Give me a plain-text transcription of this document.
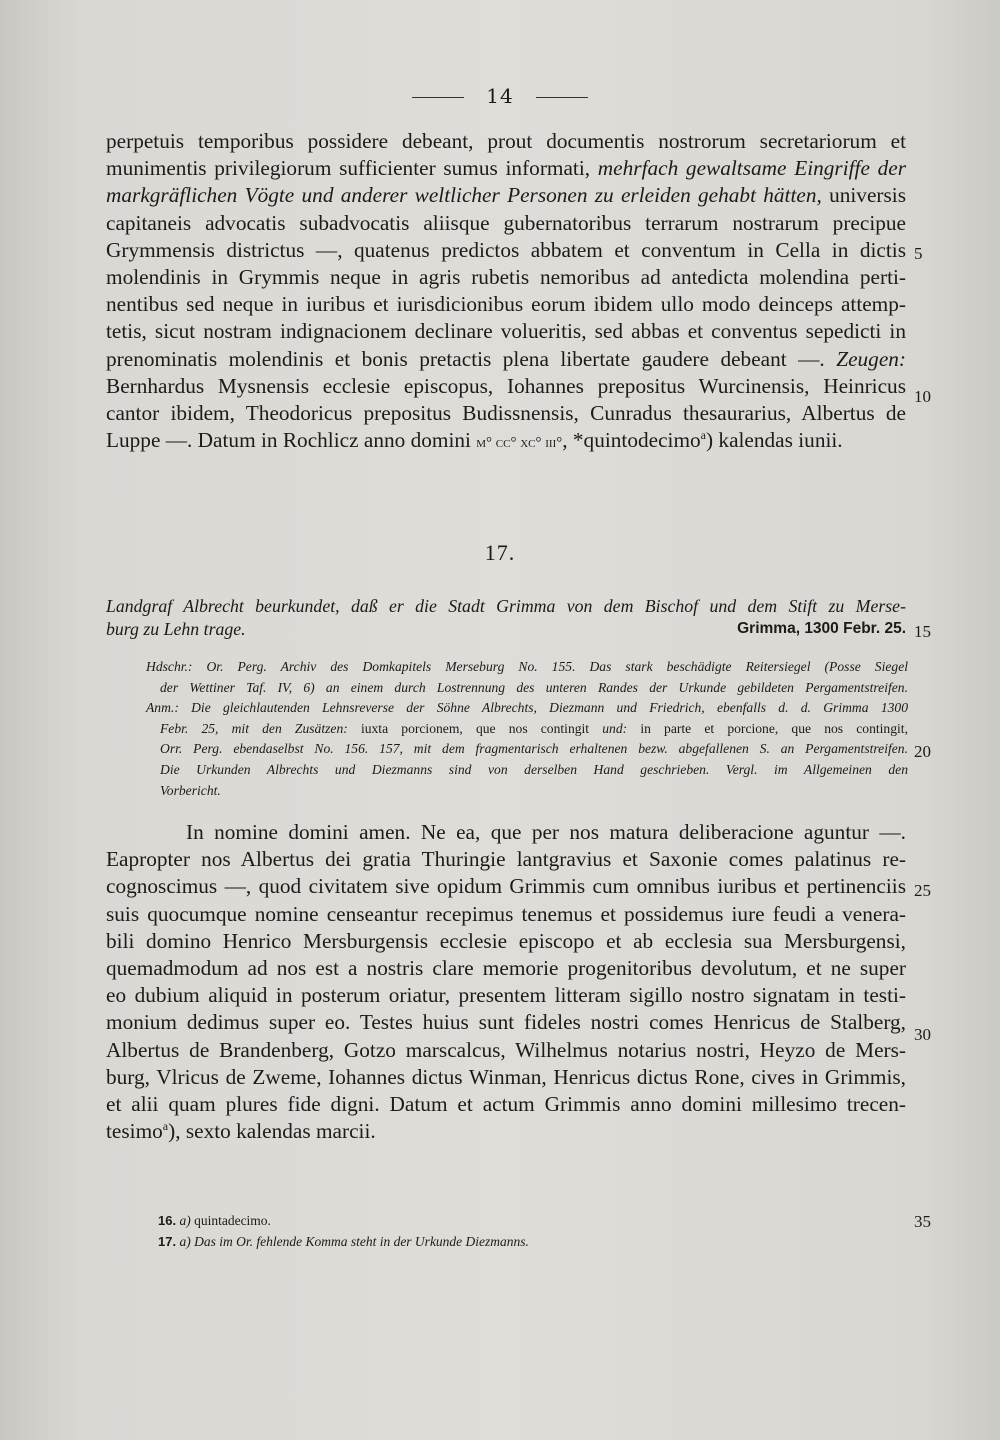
14
perpetuis temporibus possidere debeant, prout documentis nostrorum secretariorum et
munimentis privilegiorum sufficienter sumus informati, mehrfach gewaltsame Eingriffe der
markgräflichen Vögte und anderer weltlicher Personen zu erleiden gehabt hätten, universis
capitaneis advocatis subadvocatis aliisque gubernatoribus terrarum nostrarum precipue
Grymmensis districtus —, quatenus predictos abbatem et conventum in Cella in dictis
molendinis in Grymmis neque in agris rubetis nemoribus ad antedicta molendina perti-
nentibus sed neque in iuribus et iurisdicionibus eorum ibidem ullo modo deinceps attemp-
tetis, sicut nostram indignacionem declinare volueritis, sed abbas et conventus sepedicti in
prenominatis molendinis et bonis pretactis plena libertate gaudere debeant —. Zeugen:
Bernhardus Mysnensis ecclesie episcopus, Iohannes prepositus Wurcinensis, Heinricus
cantor ibidem, Theodoricus prepositus Budissnensis, Cunradus thesaurarius, Albertus de
Luppe —. Datum in Rochlicz anno domini m° cc° xc° iii°, *quintodecimo$^a$) kalendas iunii.
5
10
15
20
25
30
35
17.
Landgraf Albrecht beurkundet, daß er die Stadt Grimma von dem Bischof und dem Stift zu Merse-
burg zu Lehn trage.	Grimma, 1300 Febr. 25.
Hdschr.: Or. Perg. Archiv des Domkapitels Merseburg No. 155. Das stark beschädigte Reitersiegel (Posse Siegel
der Wettiner Taf. IV, 6) an einem durch Lostrennung des unteren Randes der Urkunde gebildeten Pergamentstreifen.
Anm.: Die gleichlautenden Lehnsreverse der Söhne Albrechts, Diezmann und Friedrich, ebenfalls d. d. Grimma 1300
Febr. 25, mit den Zusätzen: iuxta porcionem, que nos contingit und: in parte et porcione, que nos contingit,
Orr. Perg. ebendaselbst No. 156. 157, mit dem fragmentarisch erhaltenen bezw. abgefallenen S. an Pergamentstreifen.
Die Urkunden Albrechts und Diezmanns sind von derselben Hand geschrieben. Vergl. im Allgemeinen den
Vorbericht.
In nomine domini amen. Ne ea, que per nos matura deliberacione aguntur —.
Eapropter nos Albertus dei gratia Thuringie lantgravius et Saxonie comes palatinus re-
cognoscimus —, quod civitatem sive opidum Grimmis cum omnibus iuribus et pertinenciis
suis quocumque nomine censeantur recepimus tenemus et possidemus iure feudi a venera-
bili domino Henrico Mersburgensis ecclesie episcopo et ab ecclesia sua Mersburgensi,
quemadmodum ad nos est a nostris clare memorie progenitoribus devolutum, et ne super
eo dubium aliquid in posterum oriatur, presentem litteram sigillo nostro signatam in testi-
monium dedimus super eo. Testes huius sunt fideles nostri comes Henricus de Stalberg,
Albertus de Brandenberg, Gotzo marscalcus, Wilhelmus notarius nostri, Heyzo de Mers-
burg, Vlricus de Zweme, Iohannes dictus Winman, Henricus dictus Rone, cives in Grimmis,
et alii quam plures fide digni. Datum et actum Grimmis anno domini millesimo trecen-
tesimo$^a$), sexto kalendas marcii.
16. a) quintadecimo.
17. a) Das im Or. fehlende Komma steht in der Urkunde Diezmanns.
